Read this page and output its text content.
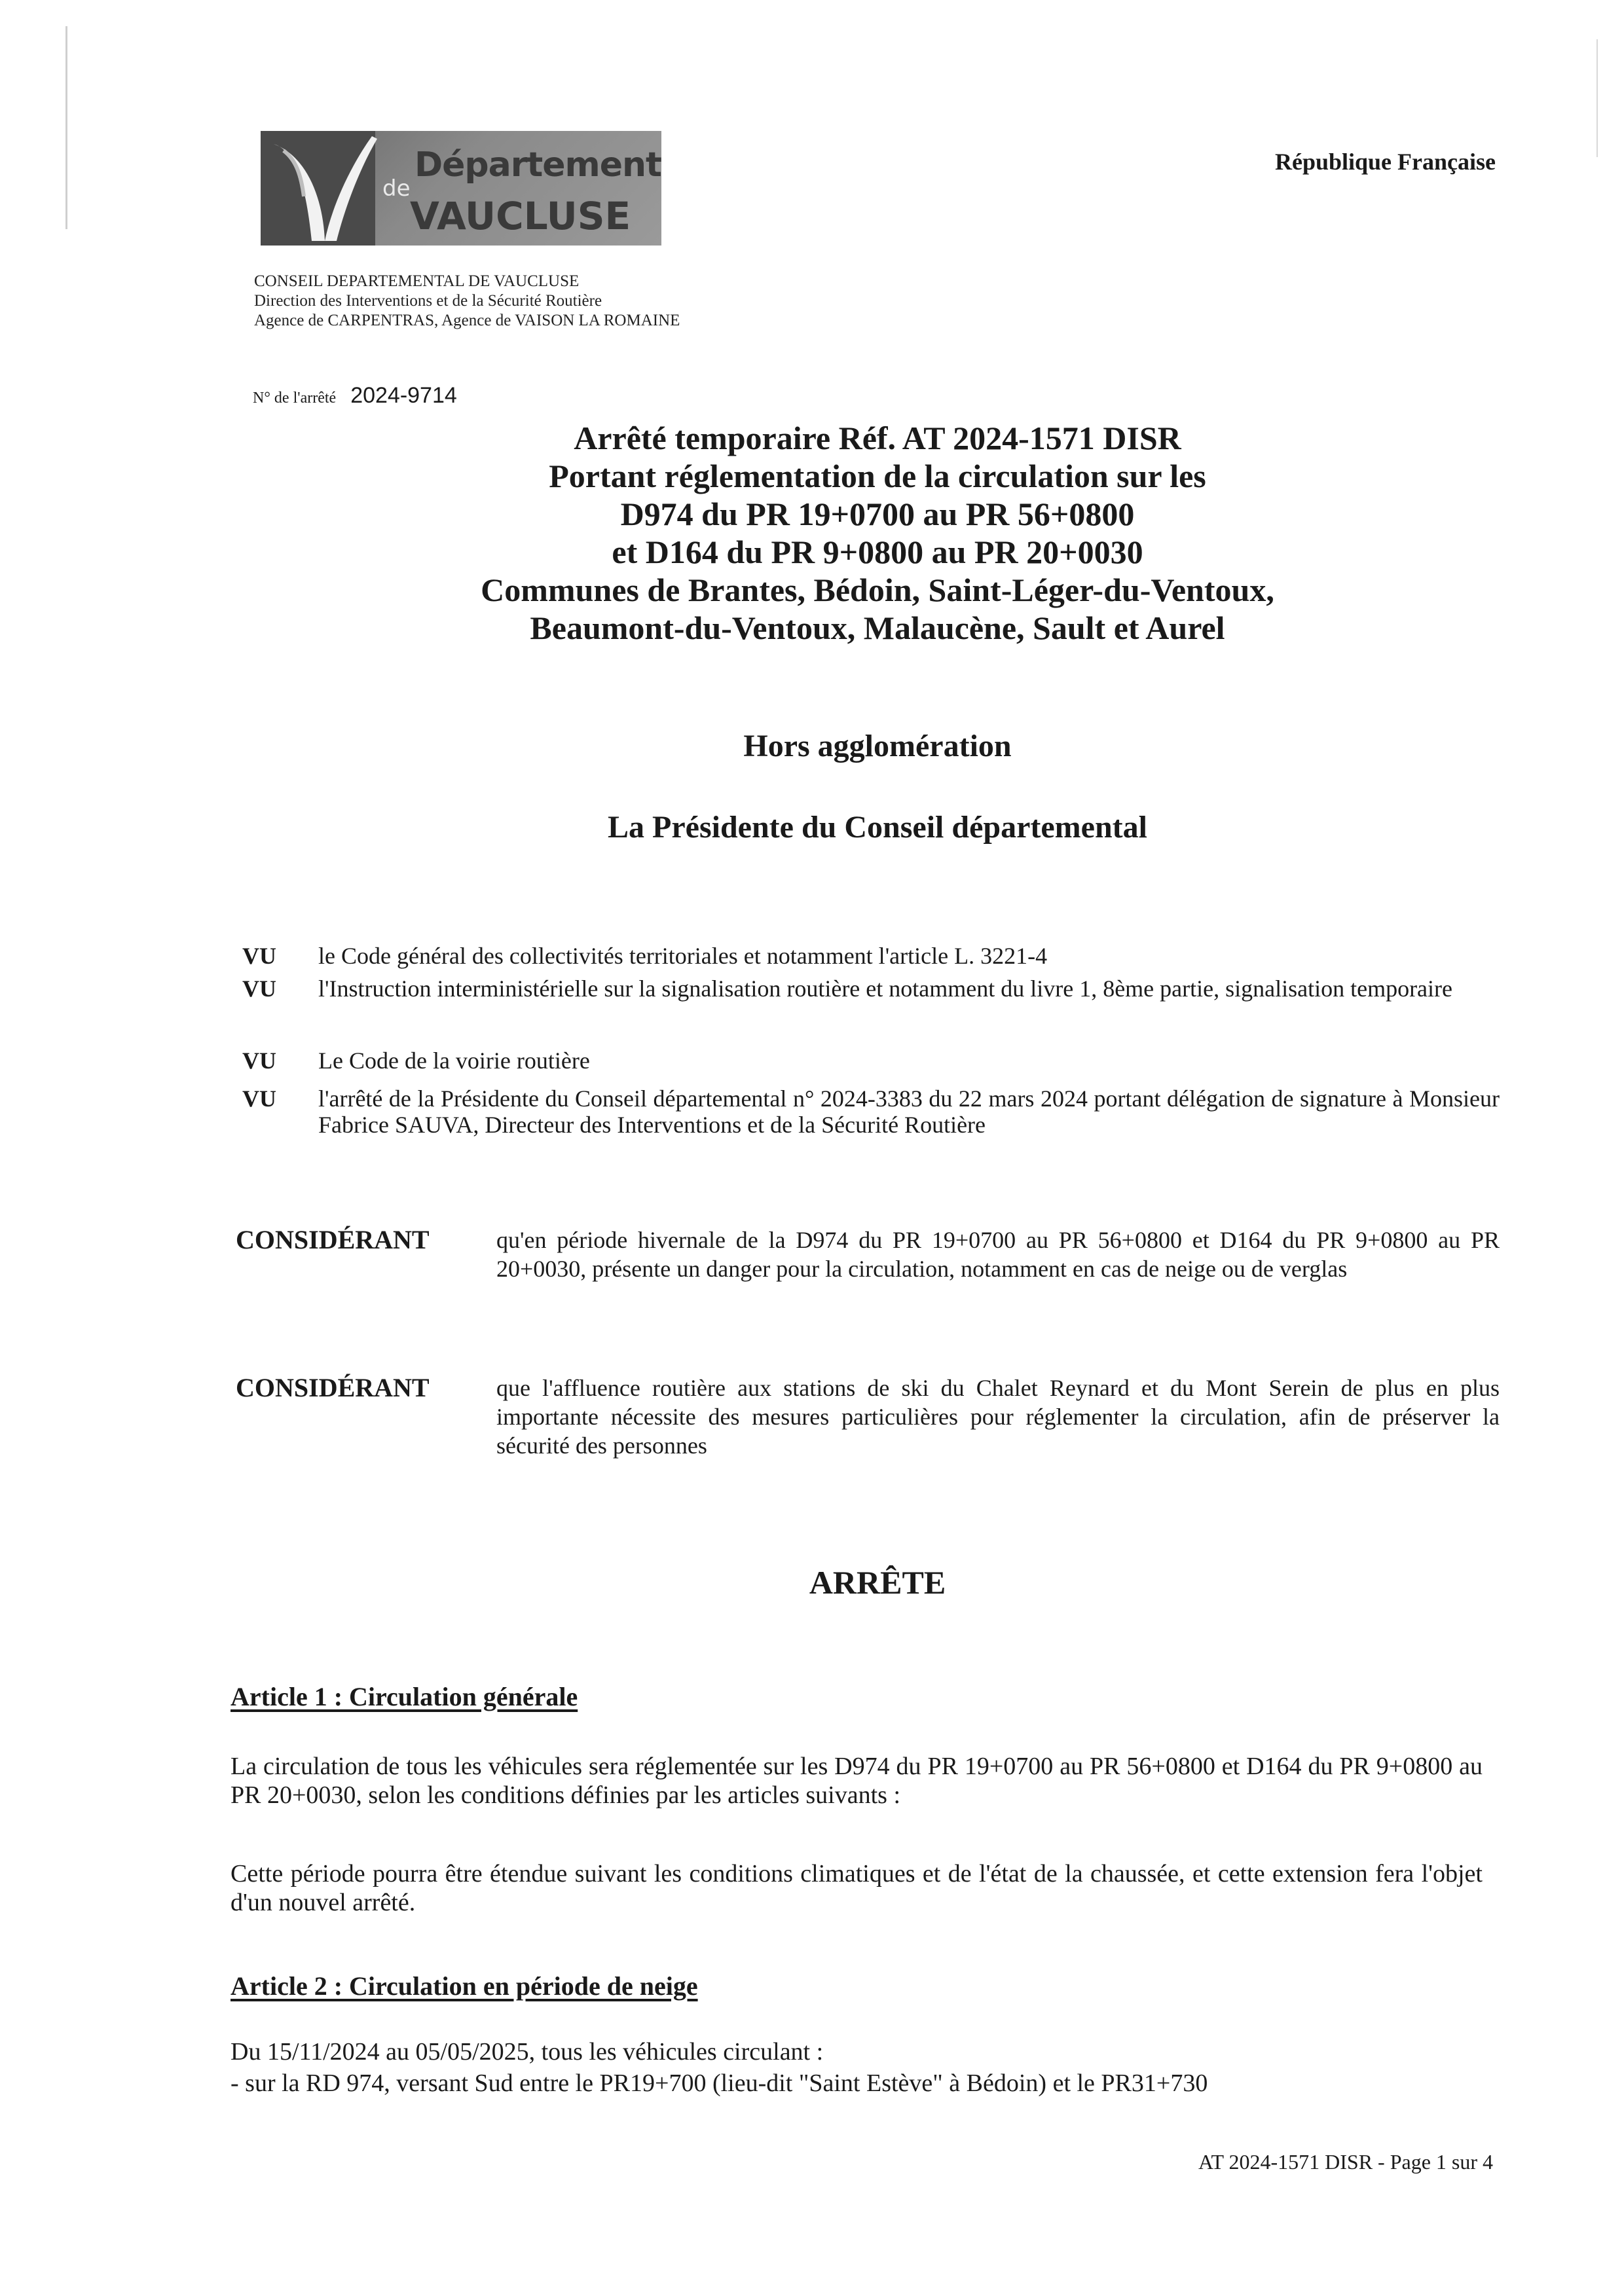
Département
de
VAUCLUSE
République Française
CONSEIL DEPARTEMENTAL DE VAUCLUSE
Direction des Interventions et de la Sécurité Routière
Agence de CARPENTRAS, Agence de VAISON LA ROMAINE
N° de l'arrêté 2024-9714
Arrêté temporaire Réf. AT 2024-1571 DISR
Portant réglementation de la circulation sur les
D974 du PR 19+0700 au PR 56+0800
et D164 du PR 9+0800 au PR 20+0030
Communes de Brantes, Bédoin, Saint-Léger-du-Ventoux,
Beaumont-du-Ventoux, Malaucène, Sault et Aurel
Hors agglomération
La Présidente du Conseil départemental
VU	le Code général des collectivités territoriales et notamment l'article L. 3221-4
VU	l'Instruction interministérielle sur la signalisation routière et notamment du livre 1, 8ème partie, signalisation temporaire
VU	Le Code de la voirie routière
VU	l'arrêté de la Présidente du Conseil départemental n° 2024-3383 du 22 mars 2024 portant délégation de signature à Monsieur Fabrice SAUVA, Directeur des Interventions et de la Sécurité Routière
CONSIDÉRANT	qu'en période hivernale de la D974 du PR 19+0700 au PR 56+0800 et D164 du PR 9+0800 au PR 20+0030, présente un danger pour la circulation, notamment en cas de neige ou de verglas
CONSIDÉRANT	que l'affluence routière aux stations de ski du Chalet Reynard et du Mont Serein de plus en plus importante nécessite des mesures particulières pour réglementer la circulation, afin de préserver la sécurité des personnes
ARRÊTE
Article 1 : Circulation générale
La circulation de tous les véhicules sera réglementée sur les D974 du PR 19+0700 au PR 56+0800 et D164 du PR 9+0800 au PR 20+0030, selon les conditions définies par les articles suivants :
Cette période pourra être étendue suivant les conditions climatiques et de l'état de la chaussée, et cette extension fera l'objet d'un nouvel arrêté.
Article 2 : Circulation en période de neige
Du 15/11/2024 au 05/05/2025, tous les véhicules circulant :
- sur la RD 974, versant Sud entre le PR19+700 (lieu-dit "Saint Estève" à Bédoin) et le PR31+730
AT 2024-1571 DISR - Page 1 sur 4
